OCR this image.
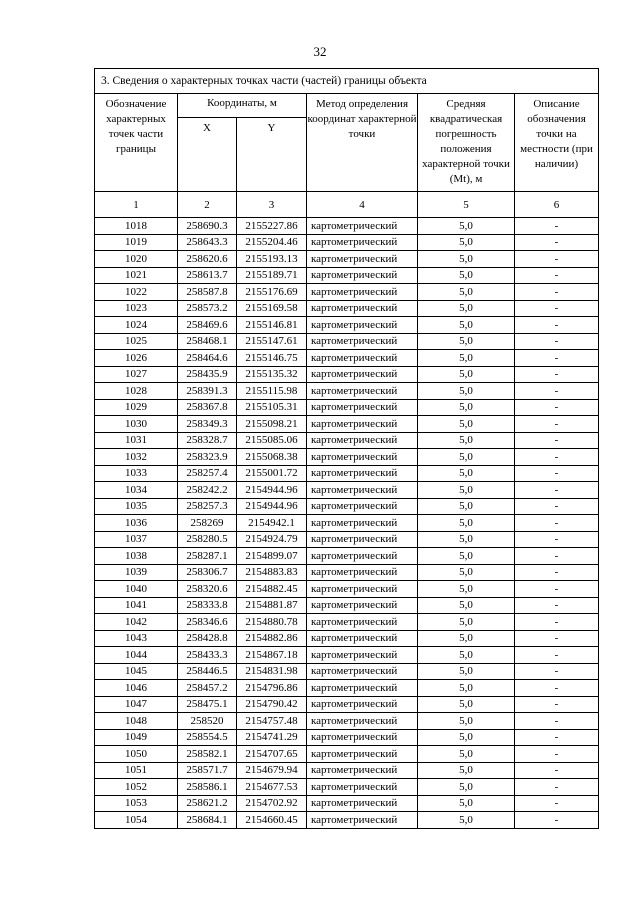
32
3. Сведения о характерных точках части (частей) границы объекта					
Обозначение характерных точек части границы	Координаты, м		Метод определения координат характерной точки	Средняя квадратическая погрешность положения характерной точки (Mt), м	Описание обозначения точки на местности (при наличии)
	X	Y			
1	2	3	4	5	6
1018	258690.3	2155227.86	картометрический	5,0	-
1019	258643.3	2155204.46	картометрический	5,0	-
1020	258620.6	2155193.13	картометрический	5,0	-
1021	258613.7	2155189.71	картометрический	5,0	-
1022	258587.8	2155176.69	картометрический	5,0	-
1023	258573.2	2155169.58	картометрический	5,0	-
1024	258469.6	2155146.81	картометрический	5,0	-
1025	258468.1	2155147.61	картометрический	5,0	-
1026	258464.6	2155146.75	картометрический	5,0	-
1027	258435.9	2155135.32	картометрический	5,0	-
1028	258391.3	2155115.98	картометрический	5,0	-
1029	258367.8	2155105.31	картометрический	5,0	-
1030	258349.3	2155098.21	картометрический	5,0	-
1031	258328.7	2155085.06	картометрический	5,0	-
1032	258323.9	2155068.38	картометрический	5,0	-
1033	258257.4	2155001.72	картометрический	5,0	-
1034	258242.2	2154944.96	картометрический	5,0	-
1035	258257.3	2154944.96	картометрический	5,0	-
1036	258269	2154942.1	картометрический	5,0	-
1037	258280.5	2154924.79	картометрический	5,0	-
1038	258287.1	2154899.07	картометрический	5,0	-
1039	258306.7	2154883.83	картометрический	5,0	-
1040	258320.6	2154882.45	картометрический	5,0	-
1041	258333.8	2154881.87	картометрический	5,0	-
1042	258346.6	2154880.78	картометрический	5,0	-
1043	258428.8	2154882.86	картометрический	5,0	-
1044	258433.3	2154867.18	картометрический	5,0	-
1045	258446.5	2154831.98	картометрический	5,0	-
1046	258457.2	2154796.86	картометрический	5,0	-
1047	258475.1	2154790.42	картометрический	5,0	-
1048	258520	2154757.48	картометрический	5,0	-
1049	258554.5	2154741.29	картометрический	5,0	-
1050	258582.1	2154707.65	картометрический	5,0	-
1051	258571.7	2154679.94	картометрический	5,0	-
1052	258586.1	2154677.53	картометрический	5,0	-
1053	258621.2	2154702.92	картометрический	5,0	-
1054	258684.1	2154660.45	картометрический	5,0	-
